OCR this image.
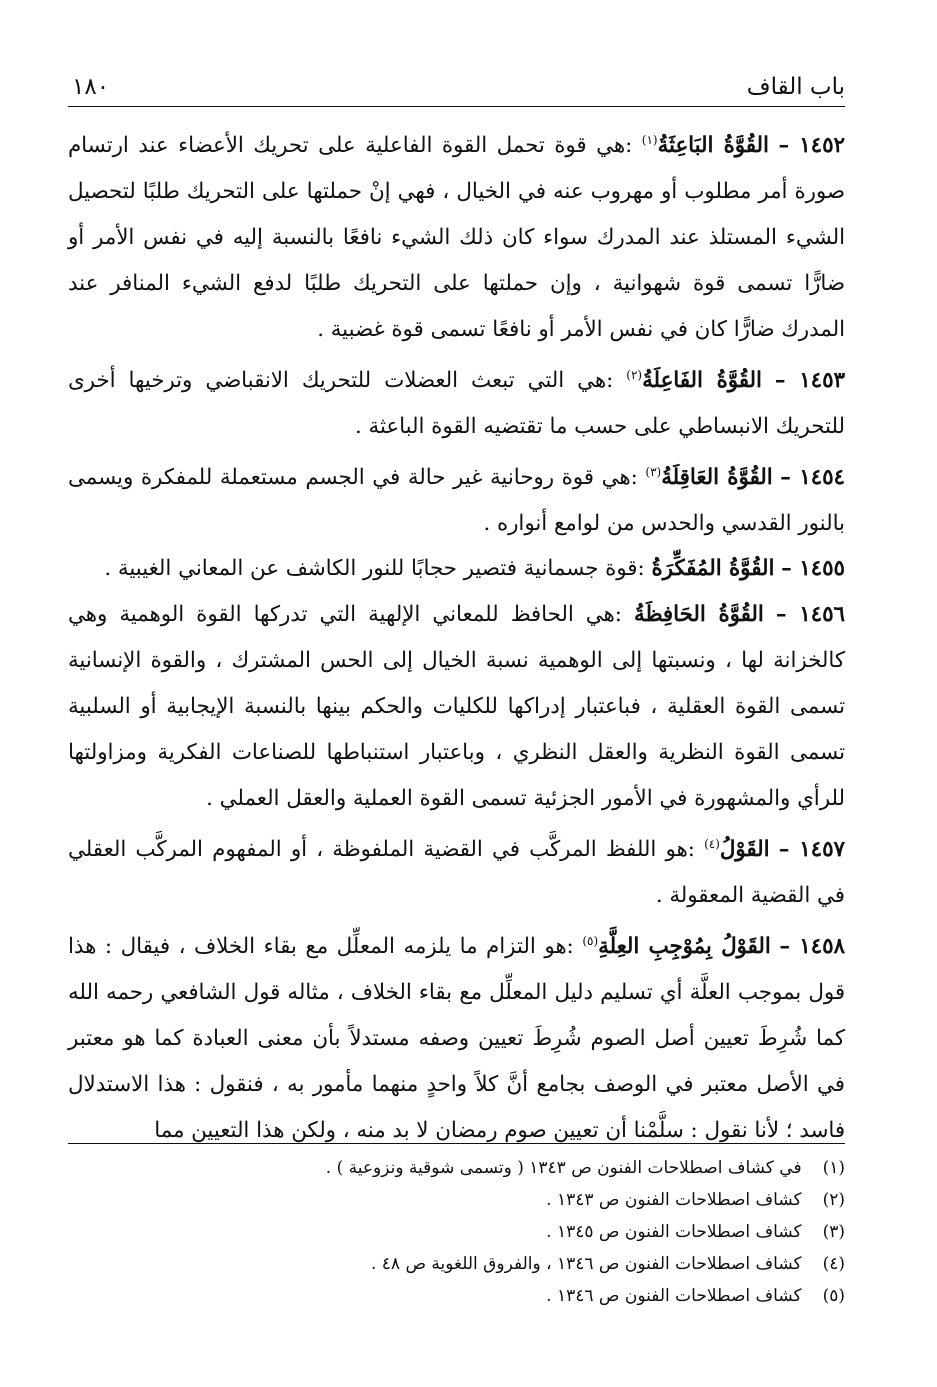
باب القاف
١٨٠

١٤٥٢ – القُوَّةُ البَاعِثَةُ$^{(١)}$ :هي قوة تحمل القوة الفاعلية على تحريك الأعضاء عند ارتسام صورة أمر مطلوب أو مهروب عنه في الخيال ، فهي إنْ حملتها على التحريك طلبًا لتحصيل الشيء المستلذ عند المدرك سواء كان ذلك الشيء نافعًا بالنسبة إليه في نفس الأمر أو ضارًّا تسمى قوة شهوانية ، وإن حملتها على التحريك طلبًا لدفع الشيء المنافر عند المدرك ضارًّا كان في نفس الأمر أو نافعًا تسمى قوة غضبية .

١٤٥٣ – القُوَّةُ الفَاعِلَةُ$^{(٢)}$ :هي التي تبعث العضلات للتحريك الانقباضي وترخيها أخرى للتحريك الانبساطي على حسب ما تقتضيه القوة الباعثة .

١٤٥٤ – القُوَّةُ العَاقِلَةُ$^{(٣)}$ :هي قوة روحانية غير حالة في الجسم مستعملة للمفكرة ويسمى بالنور القدسي والحدس من لوامع أنواره .

١٤٥٥ – القُوَّةُ المُفَكِّرَةُ :قوة جسمانية فتصير حجابًا للنور الكاشف عن المعاني الغيبية .

١٤٥٦ – القُوَّةُ الحَافِظَةُ :هي الحافظ للمعاني الإلهية التي تدركها القوة الوهمية وهي كالخزانة لها ، ونسبتها إلى الوهمية نسبة الخيال إلى الحس المشترك ، والقوة الإنسانية تسمى القوة العقلية ، فباعتبار إدراكها للكليات والحكم بينها بالنسبة الإيجابية أو السلبية تسمى القوة النظرية والعقل النظري ، وباعتبار استنباطها للصناعات الفكرية ومزاولتها للرأي والمشهورة في الأمور الجزئية تسمى القوة العملية والعقل العملي .

١٤٥٧ – القَوْلُ$^{(٤)}$ :هو اللفظ المركَّب في القضية الملفوظة ، أو المفهوم المركَّب العقلي في القضية المعقولة .

١٤٥٨ – القَوْلُ بِمُوْجِبِ العِلَّةِ$^{(٥)}$ :هو التزام ما يلزمه المعلِّل مع بقاء الخلاف ، فيقال : هذا قول بموجب العلَّة أي تسليم دليل المعلِّل مع بقاء الخلاف ، مثاله قول الشافعي رحمه الله كما شُرِطَ تعيين أصل الصوم شُرِطَ تعيين وصفه مستدلاً بأن معنى العبادة كما هو معتبر في الأصل معتبر في الوصف بجامع أنَّ كلاً واحدٍ منهما مأمور به ، فنقول : هذا الاستدلال فاسد ؛ لأنا نقول : سلَّمْنا أن تعيين صوم رمضان لا بد منه ، ولكن هذا التعيين مما

(١) في كشاف اصطلاحات الفنون ص ١٣٤٣ ( وتسمى شوقية ونزوعية ) .
(٢) كشاف اصطلاحات الفنون ص ١٣٤٣ .
(٣) كشاف اصطلاحات الفنون ص ١٣٤٥ .
(٤) كشاف اصطلاحات الفنون ص ١٣٤٦ ، والفروق اللغوية ص ٤٨ .
(٥) كشاف اصطلاحات الفنون ص ١٣٤٦ .
